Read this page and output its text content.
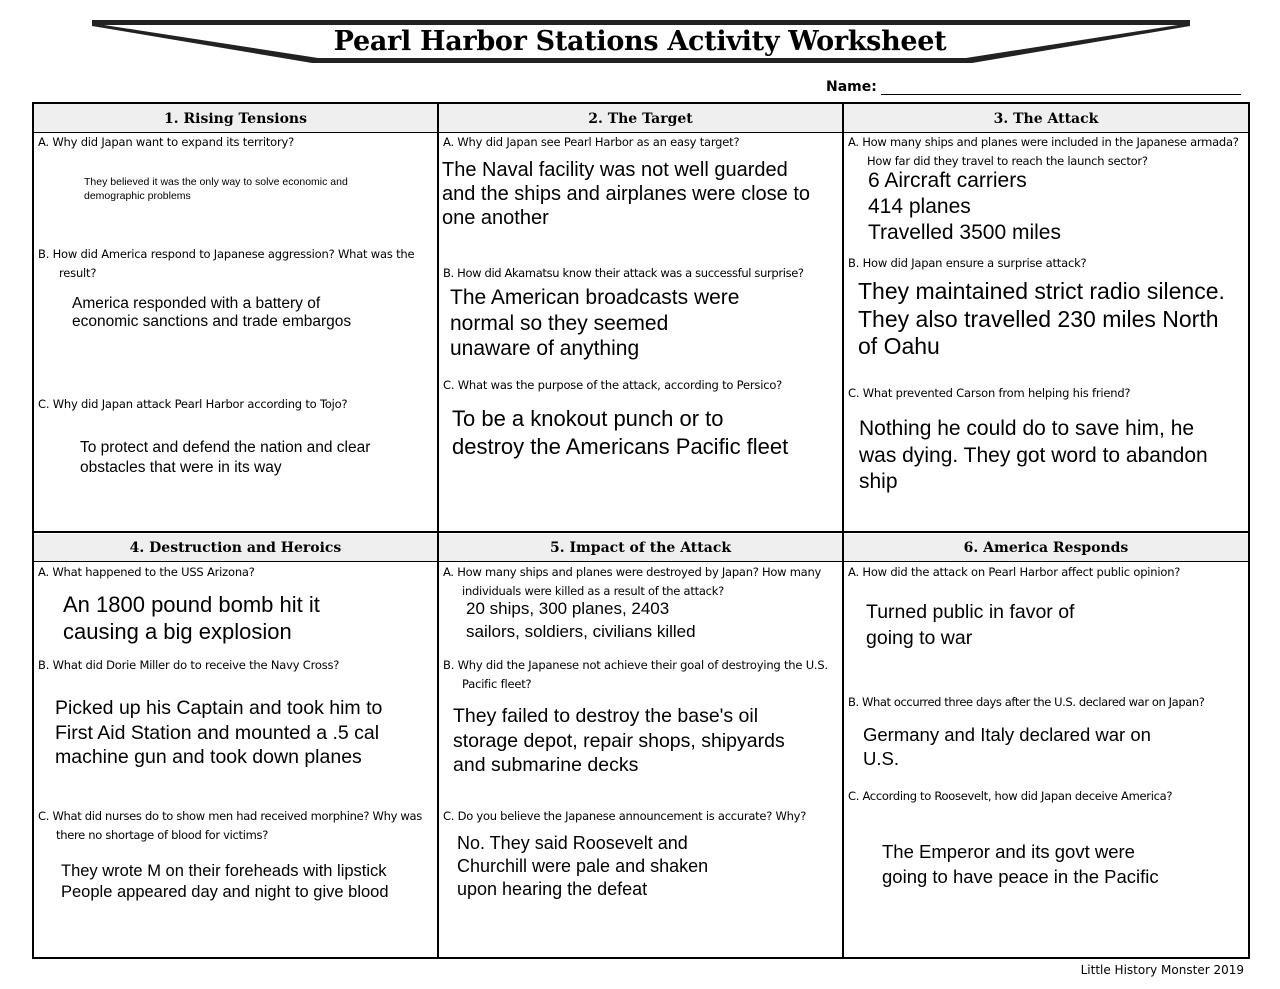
Pearl Harbor Stations Activity Worksheet
Name:
1. Rising Tensions	2. The Target	3. The Attack
4. Destruction and Heroics	5. Impact of the Attack	6. America Responds
A. Why did Japan want to expand its territory?
They believed it was the only way to solve economic and demographic problems
B. How did America respond to Japanese aggression? What was the result?
America responded with a battery of economic sanctions and trade embargos
C. Why did Japan attack Pearl Harbor according to Tojo?
To protect and defend the nation and clear obstacles that were in its way
A. Why did Japan see Pearl Harbor as an easy target?
The Naval facility was not well guarded and the ships and airplanes were close to one another
B. How did Akamatsu know their attack was a successful surprise?
The American broadcasts were normal so they seemed unaware of anything
C. What was the purpose of the attack, according to Persico?
To be a knokout punch or to destroy the Americans Pacific fleet
A. How many ships and planes were included in the Japanese armada? How far did they travel to reach the launch sector?
6 Aircraft carriers
414 planes
Travelled 3500 miles
B. How did Japan ensure a surprise attack?
They maintained strict radio silence. They also travelled 230 miles North of Oahu
C. What prevented Carson from helping his friend?
Nothing he could do to save him, he was dying. They got word to abandon ship
A. What happened to the USS Arizona?
An 1800 pound bomb hit it causing a big explosion
B. What did Dorie Miller do to receive the Navy Cross?
Picked up his Captain and took him to First Aid Station and mounted a .5 cal machine gun and took down planes
C. What did nurses do to show men had received morphine? Why was there no shortage of blood for victims?
They wrote M on their foreheads with lipstick
People appeared day and night to give blood
A. How many ships and planes were destroyed by Japan? How many individuals were killed as a result of the attack?
20 ships, 300 planes, 2403 sailors, soldiers, civilians killed
B. Why did the Japanese not achieve their goal of destroying the U.S. Pacific fleet?
They failed to destroy the base's oil storage depot, repair shops, shipyards and submarine decks
C. Do you believe the Japanese announcement is accurate? Why?
No. They said Roosevelt and Churchill were pale and shaken upon hearing the defeat
A. How did the attack on Pearl Harbor affect public opinion?
Turned public in favor of going to war
B. What occurred three days after the U.S. declared war on Japan?
Germany and Italy declared war on U.S.
C. According to Roosevelt, how did Japan deceive America?
The Emperor and its govt were going to have peace in the Pacific
Little History Monster 2019
